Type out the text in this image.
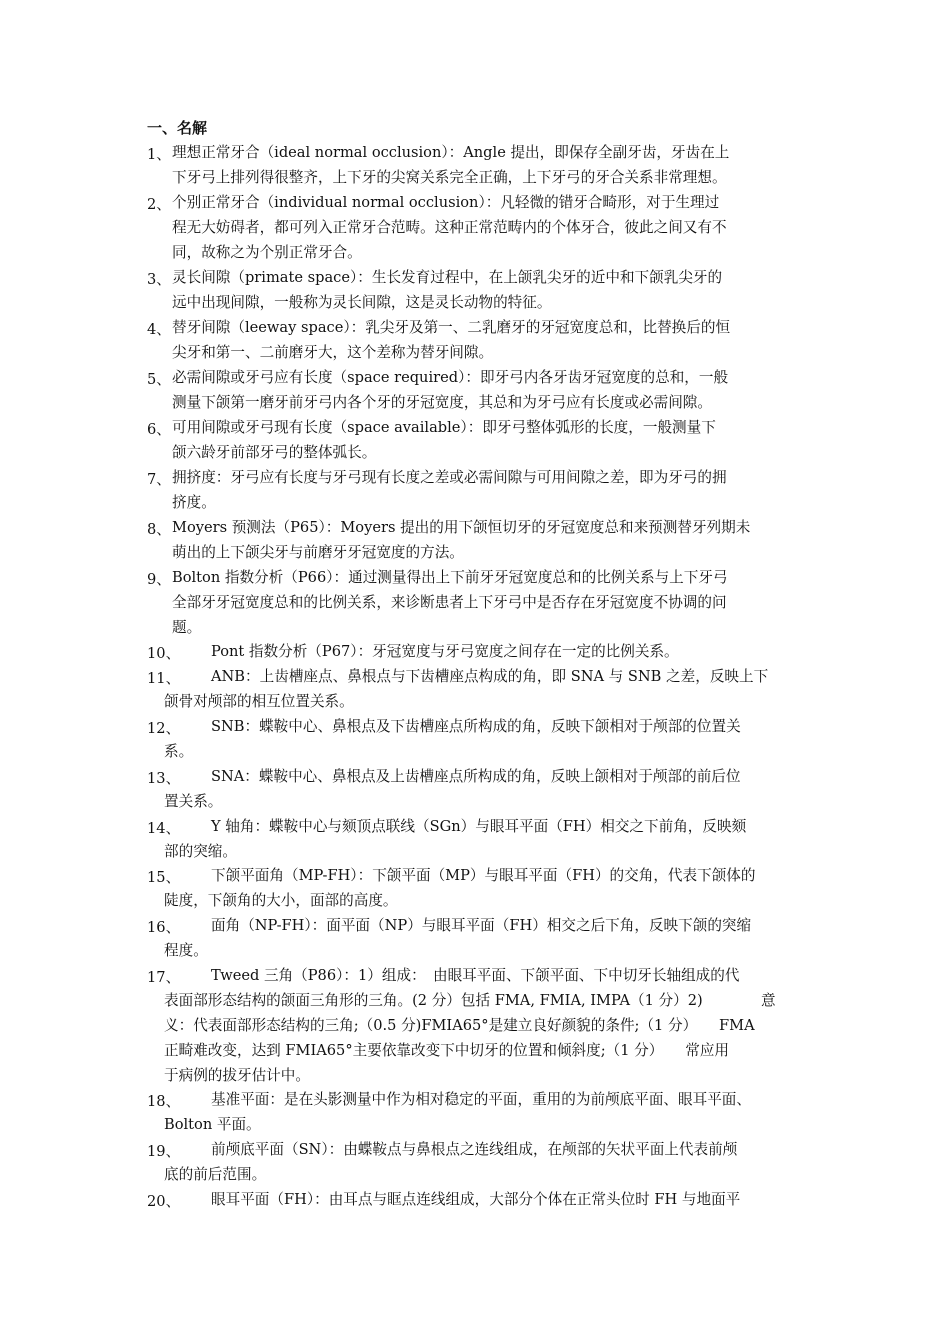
一、名解
1、 理想正常牙合（ideal normal occlusion）：Angle 提出，即保存全副牙齿，牙齿在上
下牙弓上排列得很整齐，上下牙的尖窝关系完全正确，上下牙弓的牙合关系非常理想。
2、 个别正常牙合（individual normal occlusion）：凡轻微的错牙合畸形，对于生理过
程无大妨碍者，都可列入正常牙合范畴。这种正常范畴内的个体牙合，彼此之间又有不
同，故称之为个别正常牙合。
3、 灵长间隙（primate space）：生长发育过程中，在上颌乳尖牙的近中和下颌乳尖牙的
远中出现间隙，一般称为灵长间隙，这是灵长动物的特征。
4、 替牙间隙（leeway space）：乳尖牙及第一、二乳磨牙的牙冠宽度总和，比替换后的恒
尖牙和第一、二前磨牙大，这个差称为替牙间隙。
5、 必需间隙或牙弓应有长度（space required）：即牙弓内各牙齿牙冠宽度的总和，一般
测量下颌第一磨牙前牙弓内各个牙的牙冠宽度，其总和为牙弓应有长度或必需间隙。
6、 可用间隙或牙弓现有长度（space available）：即牙弓整体弧形的长度，一般测量下
颌六龄牙前部牙弓的整体弧长。
7、 拥挤度：牙弓应有长度与牙弓现有长度之差或必需间隙与可用间隙之差，即为牙弓的拥
挤度。
8、 Moyers 预测法（P65）：Moyers 提出的用下颌恒切牙的牙冠宽度总和来预测替牙列期未
萌出的上下颌尖牙与前磨牙牙冠宽度的方法。
9、 Bolton 指数分析（P66）：通过测量得出上下前牙牙冠宽度总和的比例关系与上下牙弓
全部牙牙冠宽度总和的比例关系，来诊断患者上下牙弓中是否存在牙冠宽度不协调的问
题。
10、	Pont 指数分析（P67）：牙冠宽度与牙弓宽度之间存在一定的比例关系。
11、	ANB：上齿槽座点、鼻根点与下齿槽座点构成的角，即 SNA 与 SNB 之差，反映上下
颌骨对颅部的相互位置关系。
12、	SNB：蝶鞍中心、鼻根点及下齿槽座点所构成的角，反映下颌相对于颅部的位置关
系。
13、	SNA：蝶鞍中心、鼻根点及上齿槽座点所构成的角，反映上颌相对于颅部的前后位
置关系。
14、	Y 轴角：蝶鞍中心与颏顶点联线（SGn）与眼耳平面（FH）相交之下前角，反映颏
部的突缩。
15、	下颌平面角（MP-FH）：下颌平面（MP）与眼耳平面（FH）的交角，代表下颌体的
陡度，下颌角的大小，面部的高度。
16、	面角（NP-FH）：面平面（NP）与眼耳平面（FH）相交之后下角，反映下颌的突缩
程度。
17、	Tweed 三角（P86）：1）组成：　由眼耳平面、下颌平面、下中切牙长轴组成的代
表面部形态结构的颌面三角形的三角。(2 分）包括 FMA, FMIA, IMPA（1 分）2)　　　　意
义：代表面部形态结构的三角;（0.5 分)FMIA65°是建立良好颜貌的条件;（1 分）　　FMA
正畸难改变，达到 FMIA65°主要依靠改变下中切牙的位置和倾斜度;（1 分）　　常应用
于病例的拔牙估计中。
18、	基准平面：是在头影测量中作为相对稳定的平面，重用的为前颅底平面、眼耳平面、
Bolton 平面。
19、	前颅底平面（SN）：由蝶鞍点与鼻根点之连线组成，在颅部的矢状平面上代表前颅
底的前后范围。
20、	眼耳平面（FH）：由耳点与眶点连线组成，大部分个体在正常头位时 FH 与地面平
